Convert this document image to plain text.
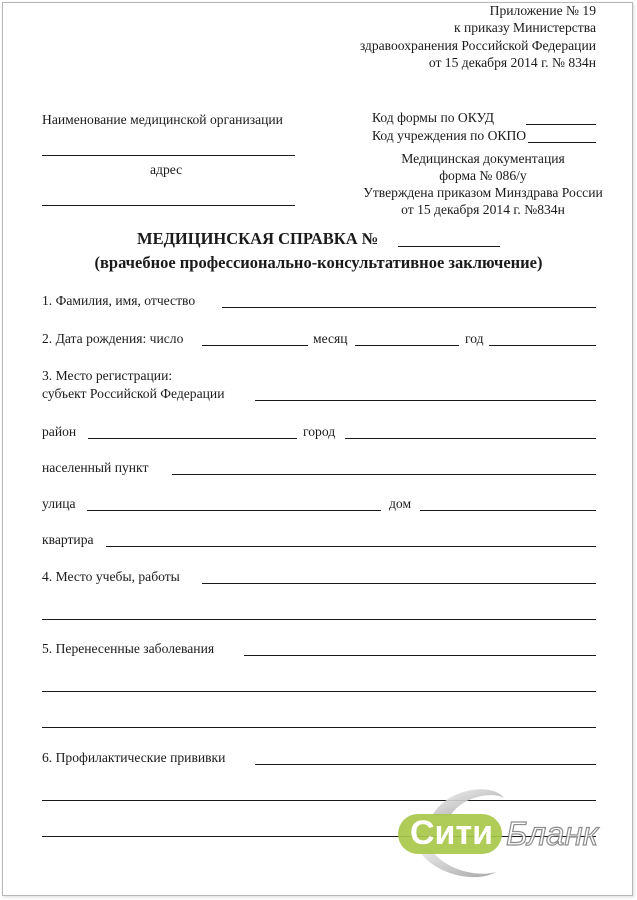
Приложение № 19
к приказу Министерства
здравоохранения Российской Федерации
от 15 декабря 2014 г. № 834н
Наименование медицинской организации
адрес
Код формы по ОКУД
Код учреждения по ОКПО
Медицинская документация
форма № 086/у
Утверждена приказом Минздрава России
от 15 декабря 2014 г. №834н
МЕДИЦИНСКАЯ СПРАВКА №
(врачебное профессионально-консультативное заключение)
1. Фамилия, имя, отчество
2. Дата рождения: число	месяц	год
3. Место регистрации:
субъект Российской Федерации
район	город
населенный пункт
улица	дом
квартира
4. Место учебы, работы
5. Перенесенные заболевания
6. Профилактические прививки
Сити Бланк
